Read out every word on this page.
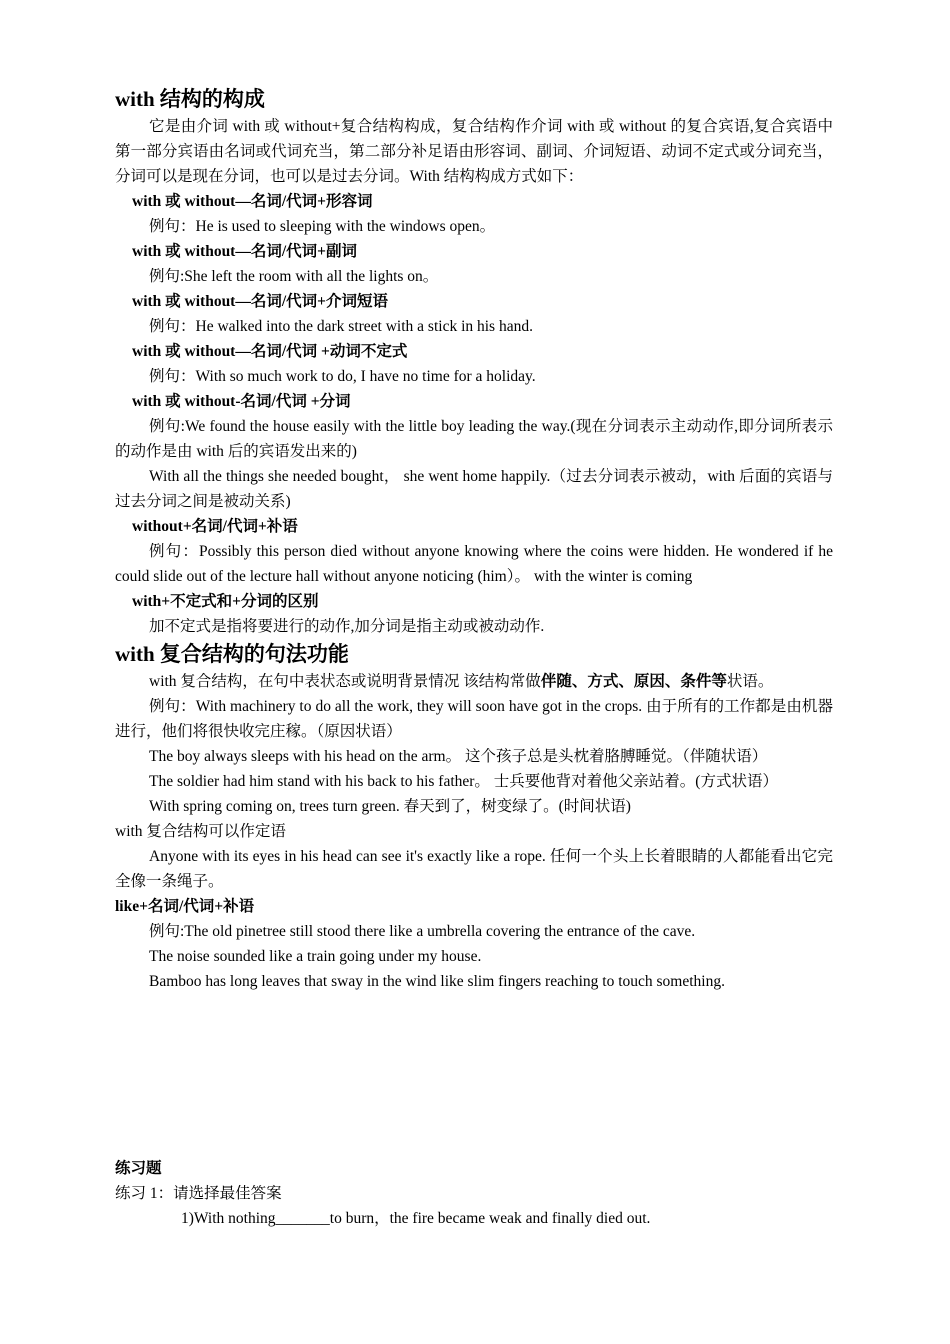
with 结构的构成

它是由介词 with 或 without+复合结构构成，复合结构作介词 with 或 without 的复合宾语,复合宾语中第一部分宾语由名词或代词充当，第二部分补足语由形容词、副词、介词短语、动词不定式或分词充当，分词可以是现在分词，也可以是过去分词。With 结构构成方式如下：

with 或 without—名词/代词+形容词

例句：He is used to sleeping with the windows open。

with 或 without—名词/代词+副词

例句:She left the room with all the lights on。

with 或 without—名词/代词+介词短语

例句：He walked into the dark street with a stick in his hand.

with 或 without—名词/代词 +动词不定式

例句：With so much work to do, I have no time for a holiday.

with 或 without-名词/代词 +分词

例句:We found the house easily with the little boy leading the way.(现在分词表示主动动作,即分词所表示的动作是由 with 后的宾语发出来的)

With all the things she needed bought， she went home happily.（过去分词表示被动，with 后面的宾语与过去分词之间是被动关系)

without+名词/代词+补语

例句：Possibly this person died without anyone knowing where the coins were hidden. He wondered if he could slide out of the lecture hall without anyone noticing (him）。 with the winter is coming

with+不定式和+分词的区别

加不定式是指将要进行的动作,加分词是指主动或被动动作.

with 复合结构的句法功能

with 复合结构，在句中表状态或说明背景情况 该结构常做伴随、方式、原因、条件等状语。

例句：With machinery to do all the work, they will soon have got in the crops. 由于所有的工作都是由机器进行，他们将很快收完庄稼。（原因状语）

The boy always sleeps with his head on the arm。 这个孩子总是头枕着胳膊睡觉。（伴随状语）

The soldier had him stand with his back to his father。 士兵要他背对着他父亲站着。(方式状语）

With spring coming on, trees turn green. 春天到了，树变绿了。(时间状语)

with 复合结构可以作定语

Anyone with its eyes in his head can see it's exactly like a rope. 任何一个头上长着眼睛的人都能看出它完全像一条绳子。

like+名词/代词+补语

例句:The old pinetree still stood there like a umbrella covering the entrance of the cave.

The noise sounded like a train going under my house.

Bamboo has long leaves that sway in the wind like slim fingers reaching to touch something.

练习题

练习 1：请选择最佳答案

1)With nothing_______to burn，the fire became weak and finally died out.
